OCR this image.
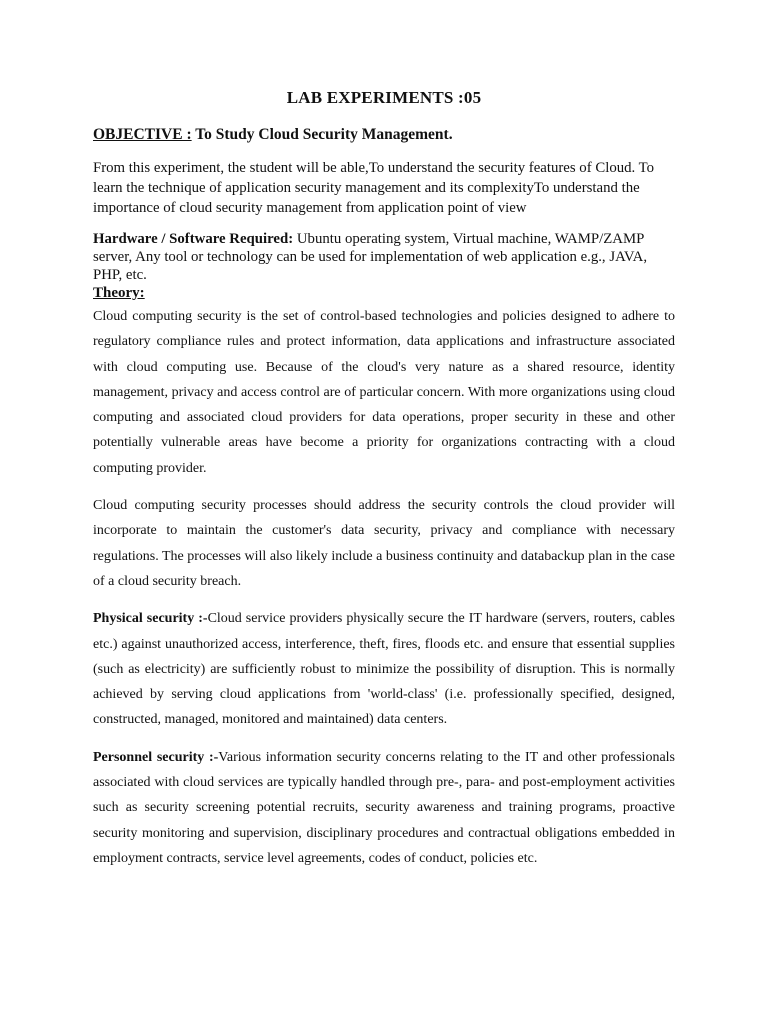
LAB EXPERIMENTS :05
OBJECTIVE : To Study Cloud Security Management.
From this experiment, the student will be able,To understand the security features of Cloud. To learn the technique of application security management and its complexityTo understand the importance of cloud security management from application point of view
Hardware / Software Required: Ubuntu operating system, Virtual machine, WAMP/ZAMP server, Any tool or technology can be used for implementation of web application e.g., JAVA, PHP, etc.
Theory:

Cloud computing security is the set of control-based technologies and policies designed to adhere to regulatory compliance rules and protect information, data applications and infrastructure associated with cloud computing use. Because of the cloud's very nature as a shared resource, identity management, privacy and access control are of particular concern. With more organizations using cloud computing and associated cloud providers for data operations, proper security in these and other potentially vulnerable areas have become a priority for organizations contracting with a cloud computing provider.

Cloud computing security processes should address the security controls the cloud provider will incorporate to maintain the customer's data security, privacy and compliance with necessary regulations. The processes will also likely include a business continuity and databackup plan in the case of a cloud security breach.

Physical security :-Cloud service providers physically secure the IT hardware (servers, routers, cables etc.) against unauthorized access, interference, theft, fires, floods etc. and ensure that essential supplies (such as electricity) are sufficiently robust to minimize the possibility of disruption. This is normally achieved by serving cloud applications from 'world-class' (i.e. professionally specified, designed, constructed, managed, monitored and maintained) data centers.

Personnel security :-Various information security concerns relating to the IT and other professionals associated with cloud services are typically handled through pre-, para- and post-employment activities such as security screening potential recruits, security awareness and training programs, proactive security monitoring and supervision, disciplinary procedures and contractual obligations embedded in employment contracts, service level agreements, codes of conduct, policies etc.
